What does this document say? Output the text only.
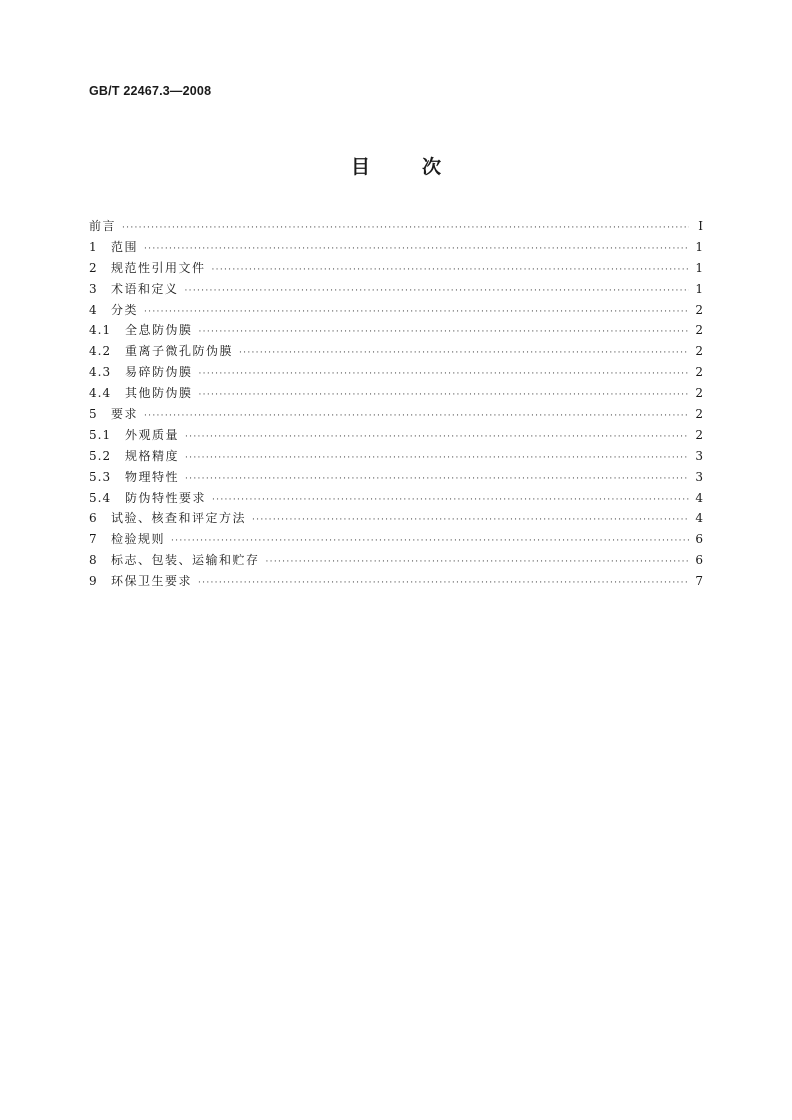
GB/T 22467.3—2008
目	次
前言 ·····	Ⅰ
1	范围 ·····	1
2	规范性引用文件 ·····	1
3	术语和定义 ·····	1
4	分类 ·····	2
4.1	全息防伪膜 ·····	2
4.2	重离子微孔防伪膜 ·····	2
4.3	易碎防伪膜 ·····	2
4.4	其他防伪膜 ·····	2
5	要求 ·····	2
5.1	外观质量 ·····	2
5.2	规格精度 ·····	3
5.3	物理特性 ·····	3
5.4	防伪特性要求 ·····	4
6	试验、核查和评定方法 ·····	4
7	检验规则 ·····	6
8	标志、包装、运输和贮存 ·····	6
9	环保卫生要求 ·····	7
